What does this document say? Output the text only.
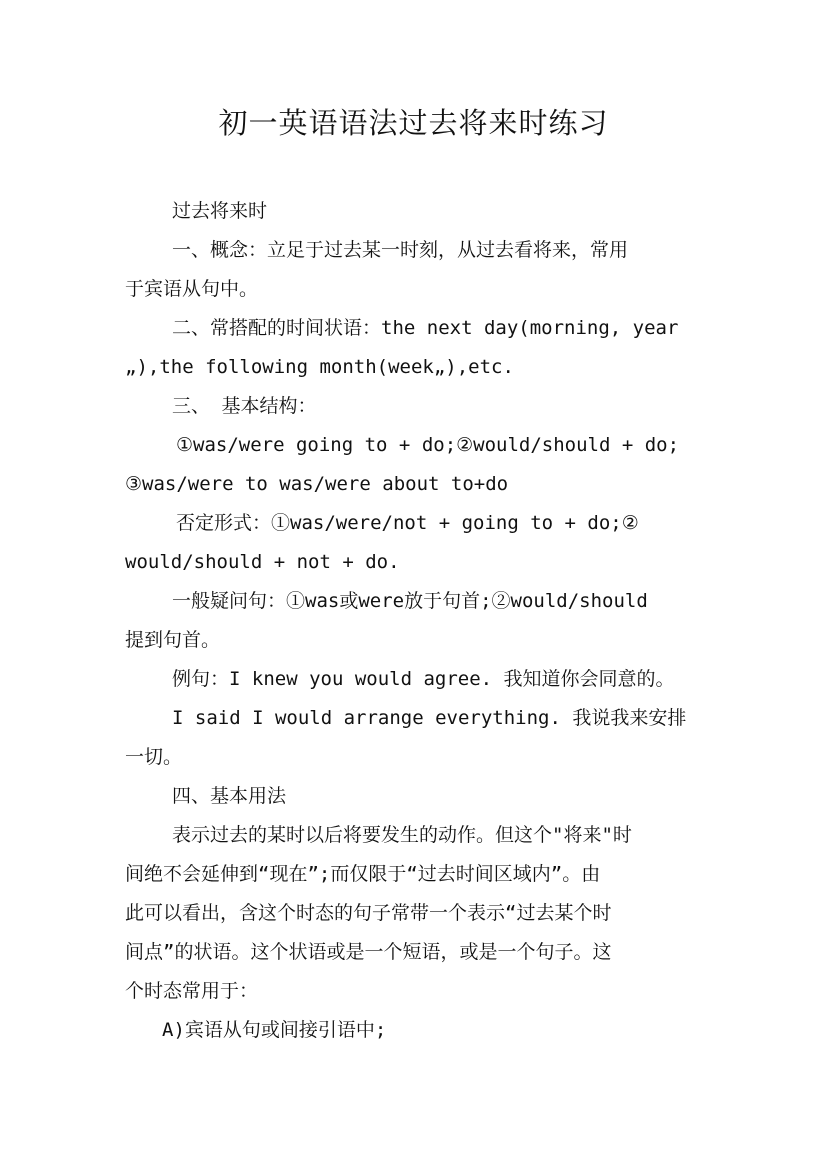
初一英语语法过去将来时练习
过去将来时
一、概念：立足于过去某一时刻，从过去看将来，常用
于宾语从句中。
二、常搭配的时间状语：the next day(morning, year
„),the following month(week„),etc.
三、 基本结构：
①was/were going to + do;②would/should + do;
③was/were to was/were about to+do
否定形式：①was/were/not + going to + do;②
would/should + not + do.
一般疑问句：①was或were放于句首;②would/should
提到句首。
例句：I knew you would agree. 我知道你会同意的。
I said I would arrange everything. 我说我来安排
一切。
四、基本用法
表示过去的某时以后将要发生的动作。但这个"将来"时
间绝不会延伸到“现在”;而仅限于“过去时间区域内”。由
此可以看出，含这个时态的句子常带一个表示“过去某个时
间点”的状语。这个状语或是一个短语，或是一个句子。这
个时态常用于：
A)宾语从句或间接引语中;
